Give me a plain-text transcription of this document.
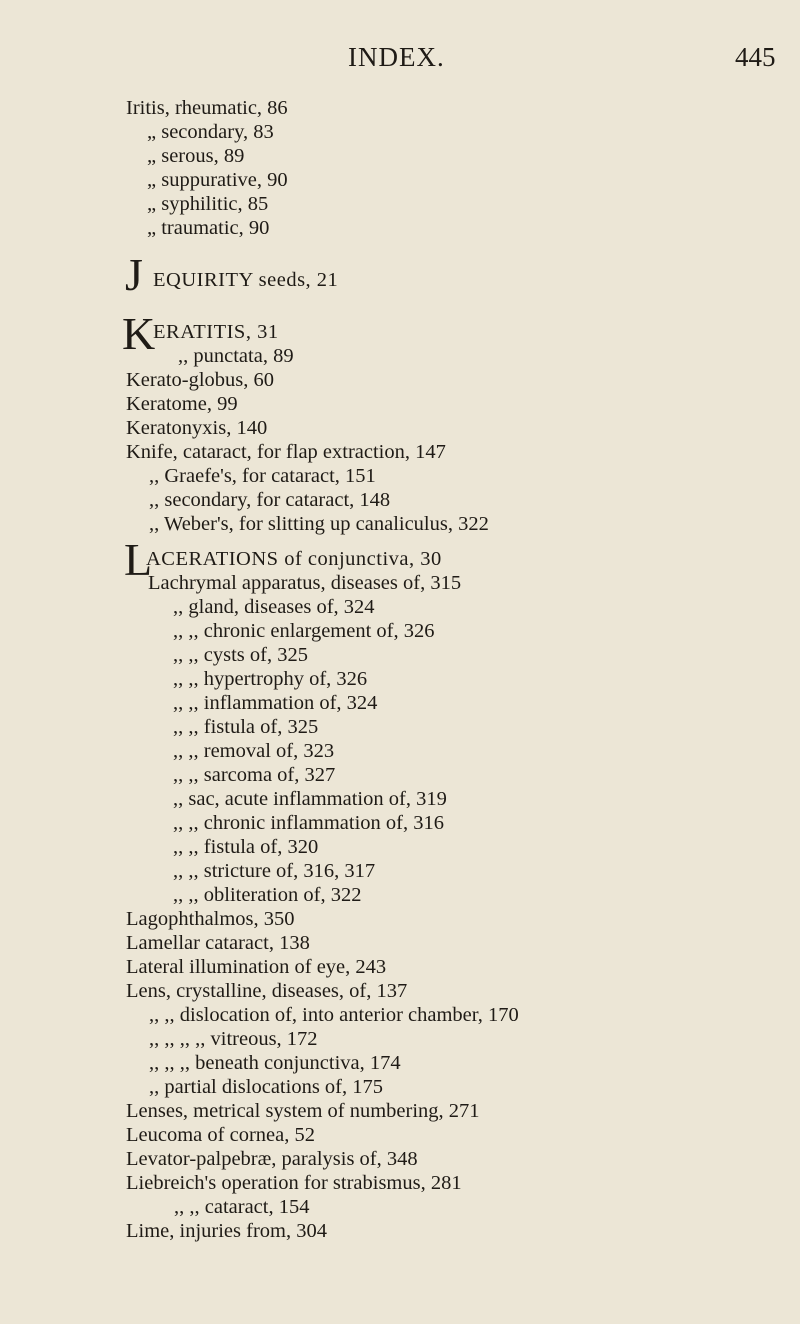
INDEX.	445
Iritis, rheumatic, 86
„ secondary, 83
„ serous, 89
„ suppurative, 90
„ syphilitic, 85
„ traumatic, 90
J EQUIRITY seeds, 21
K
ERATITIS, 31
,, punctata, 89
Kerato-globus, 60
Keratome, 99
Keratonyxis, 140
Knife, cataract, for flap extraction, 147
,, Graefe's, for cataract, 151
,, secondary, for cataract, 148
,, Weber's, for slitting up canaliculus, 322
L
ACERATIONS of conjunctiva, 30
Lachrymal apparatus, diseases of, 315
,, gland, diseases of, 324
,, ,, chronic enlargement of, 326
,, ,, cysts of, 325
,, ,, hypertrophy of, 326
,, ,, inflammation of, 324
,, ,, fistula of, 325
,, ,, removal of, 323
,, ,, sarcoma of, 327
,, sac, acute inflammation of, 319
,, ,, chronic inflammation of, 316
,, ,, fistula of, 320
,, ,, stricture of, 316, 317
,, ,, obliteration of, 322
Lagophthalmos, 350
Lamellar cataract, 138
Lateral illumination of eye, 243
Lens, crystalline, diseases, of, 137
,, ,, dislocation of, into anterior chamber, 170
,, ,, ,, ,, vitreous, 172
,, ,, ,, beneath conjunctiva, 174
,, partial dislocations of, 175
Lenses, metrical system of numbering, 271
Leucoma of cornea, 52
Levator-palpebræ, paralysis of, 348
Liebreich's operation for strabismus, 281
,, ,, cataract, 154
Lime, injuries from, 304
